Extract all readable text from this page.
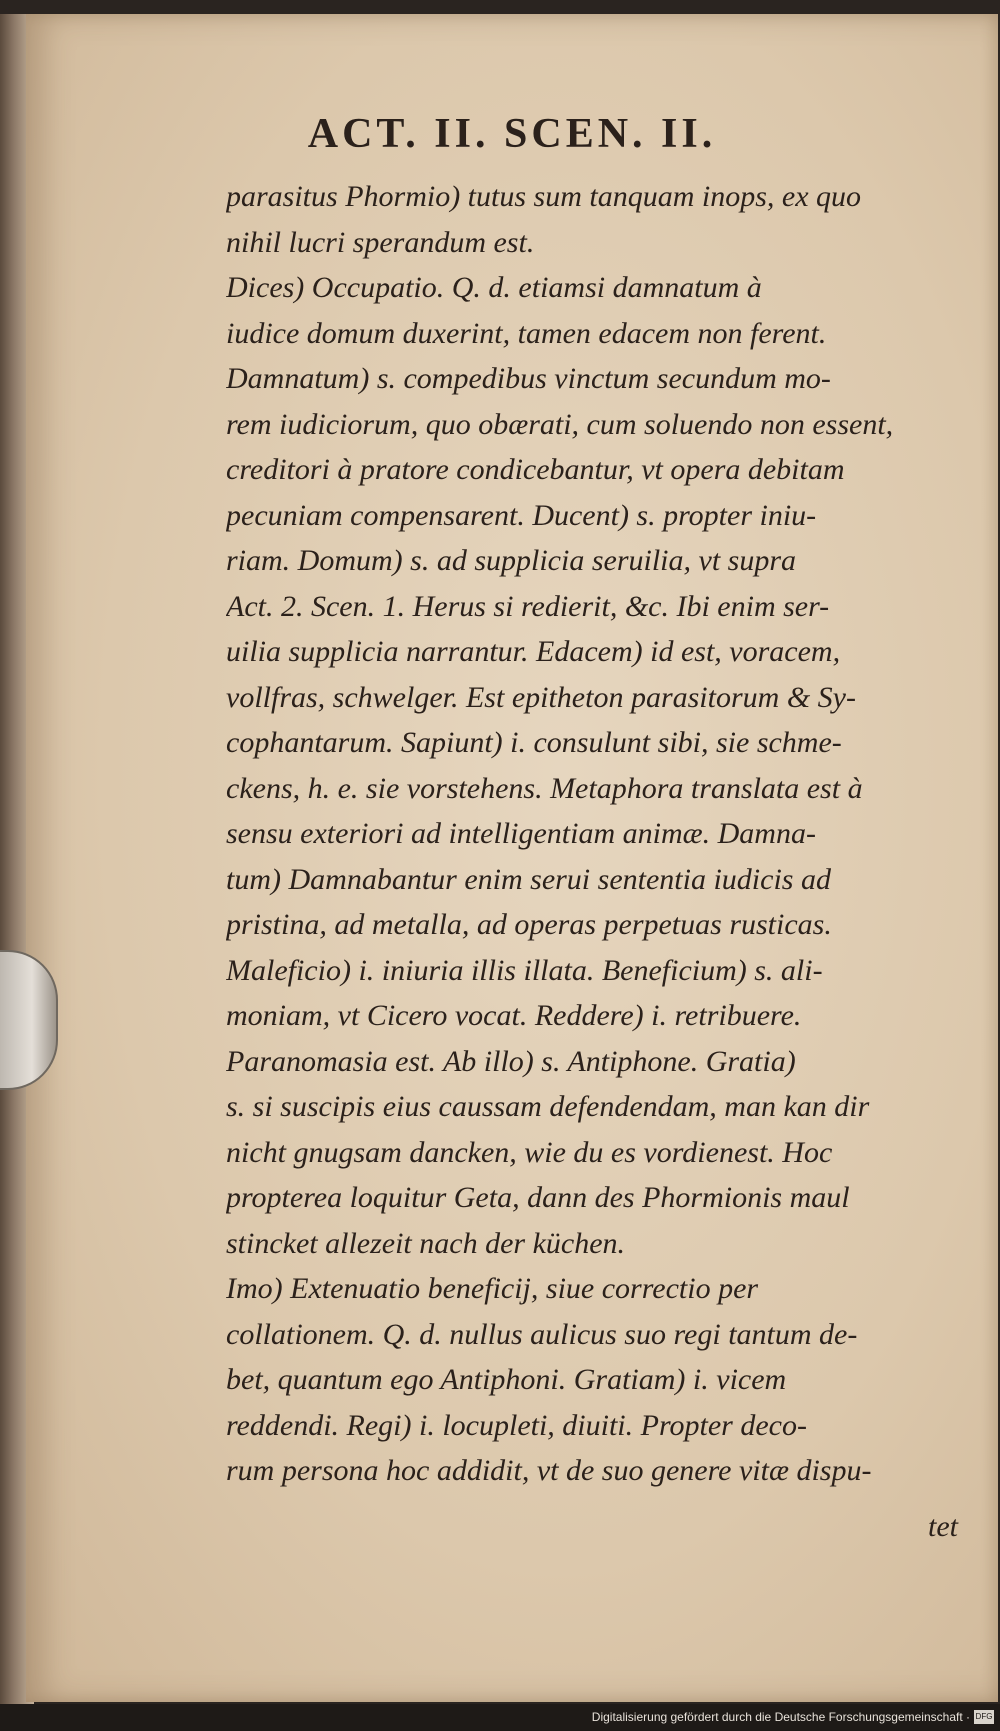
ACT. II. SCEN. II.
parasitus Phormio) tutus sum tanquam inops, ex quo
nihil lucri sperandum est.
Dices) Occupatio. Q. d. etiamsi damnatum à
iudice domum duxerint, tamen edacem non ferent.
Damnatum) s. compedibus vinctum secundum mo-
rem iudiciorum, quo obærati, cum soluendo non essent,
creditori à pratore condicebantur, vt opera debitam
pecuniam compensarent. Ducent) s. propter iniu-
riam. Domum) s. ad supplicia seruilia, vt supra
Act. 2. Scen. 1. Herus si redierit, &c. Ibi enim ser-
uilia supplicia narrantur. Edacem) id est, voracem,
vollfras, schwelger. Est epitheton parasitorum & Sy-
cophantarum. Sapiunt) i. consulunt sibi, sie schme-
ckens, h. e. sie vorstehens. Metaphora translata est à
sensu exteriori ad intelligentiam animæ. Damna-
tum) Damnabantur enim serui sententia iudicis ad
pristina, ad metalla, ad operas perpetuas rusticas.
Maleficio) i. iniuria illis illata. Beneficium) s. ali-
moniam, vt Cicero vocat. Reddere) i. retribuere.
Paranomasia est. Ab illo) s. Antiphone. Gratia)
s. si suscipis eius caussam defendendam, man kan dir
nicht gnugsam dancken, wie du es vordienest. Hoc
propterea loquitur Geta, dann des Phormionis maul
stincket allezeit nach der küchen.
Imo) Extenuatio beneficij, siue correctio per
collationem. Q. d. nullus aulicus suo regi tantum de-
bet, quantum ego Antiphoni. Gratiam) i. vicem
reddendi. Regi) i. locupleti, diuiti. Propter deco-
rum persona hoc addidit, vt de suo genere vitæ dispu-

tet

Digitalisierung gefördert durch die Deutsche Forschungsgemeinschaft · DFG
